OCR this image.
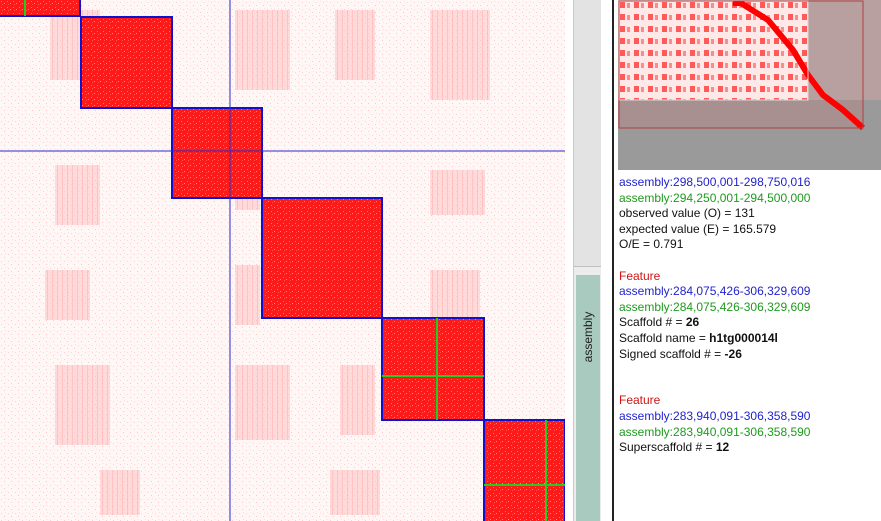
assembly
assembly:298,500,001-298,750,016
assembly:294,250,001-294,500,000
observed value (O) = 131
expected value (E) = 165.579
O/E = 0.791
Feature
assembly:284,075,426-306,329,609
assembly:284,075,426-306,329,609
Scaffold # = 26
Scaffold name = h1tg000014l
Signed scaffold # = -26
Feature
assembly:283,940,091-306,358,590
assembly:283,940,091-306,358,590
Superscaffold # = 12
